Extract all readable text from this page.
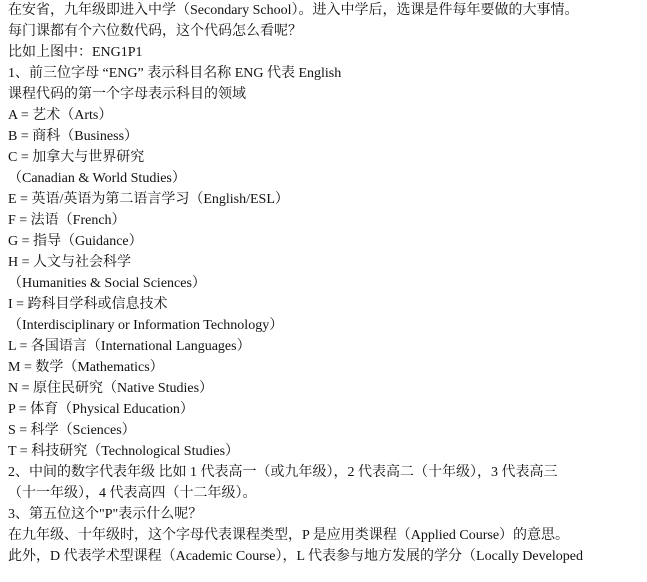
在安省，九年级即进入中学（Secondary School）。进入中学后，选课是件每年要做的大事情。
每门课都有个六位数代码，这个代码怎么看呢？
比如上图中：ENG1P1
1、前三位字母 “ENG” 表示科目名称 ENG 代表 English
课程代码的第一个字母表示科目的领域
A = 艺术（Arts）
B = 商科（Business）
C = 加拿大与世界研究
（Canadian & World Studies）
E = 英语/英语为第二语言学习（English/ESL）
F = 法语（French）
G = 指导（Guidance）
H = 人文与社会科学
（Humanities & Social Sciences）
I = 跨科目学科或信息技术
（Interdisciplinary or Information Technology）
L = 各国语言（International Languages）
M = 数学（Mathematics）
N = 原住民研究（Native Studies）
P = 体育（Physical Education）
S = 科学（Sciences）
T = 科技研究（Technological Studies）
2、中间的数字代表年级 比如 1 代表高一（或九年级），2 代表高二（十年级），3 代表高三
（十一年级），4 代表高四（十二年级）。
3、第五位这个"P"表示什么呢？
在九年级、十年级时，这个字母代表课程类型，P 是应用类课程（Applied Course）的意思。
此外，D 代表学术型课程（Academic Course），L 代表参与地方发展的学分（Locally Developed
